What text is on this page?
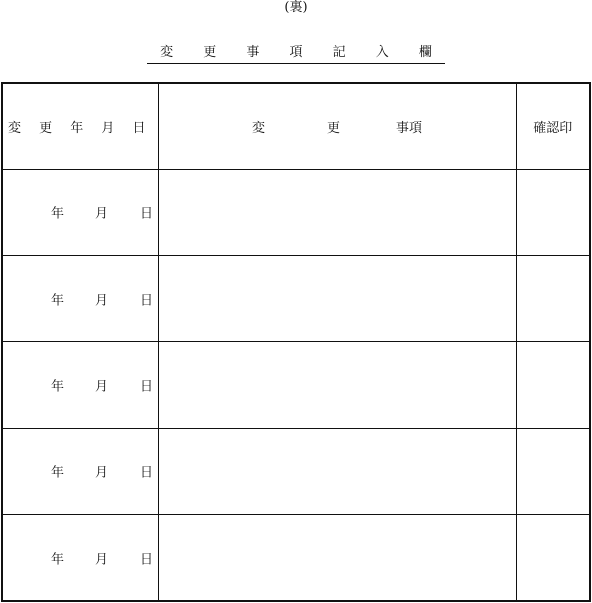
(裏)
変 更 事 項 記 入 欄
変 更 年 月 日	変 更 事項	確認印

年 月 日		

年 月 日		

年 月 日		

年 月 日		

年 月 日		
